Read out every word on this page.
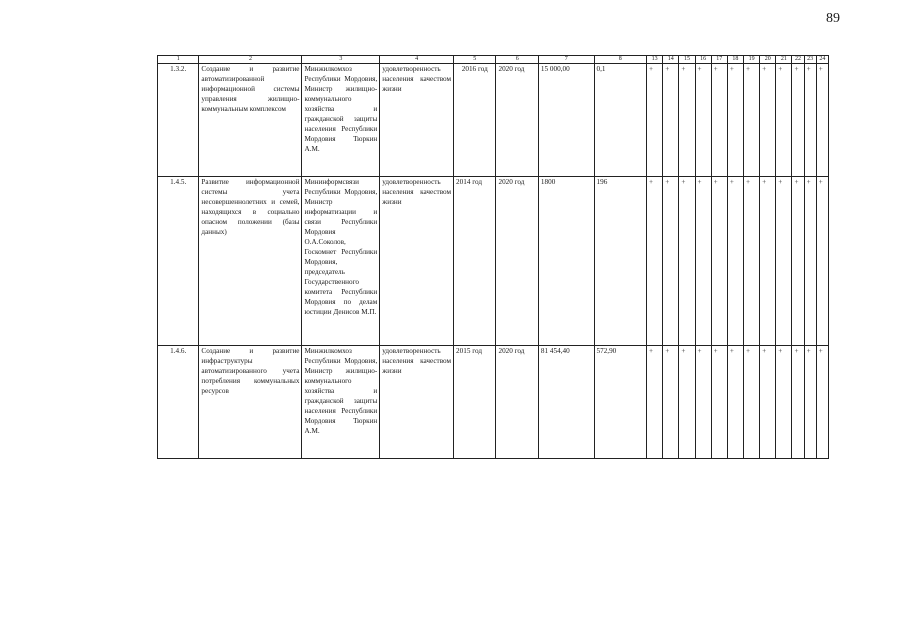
89
1	2	3	4	5	6	7	8	13	14	15	16	17	18	19	20	21	22	23	24
1.3.2.	Создание и развитие автоматизированной информационной системы управления жилищно-коммунальным комплексом	Минжилкомхоз Республики Мордовия, Министр жилищно-коммунального хозяйства и гражданской защиты населения Республики Мордовия Тюркин А.М.	удовлетворенность населения качеством жизни	2016 год	2020 год	15 000,00	0,1	+	+	+	+	+	+	+	+	+	+	+	+
1.4.5.	Развитие информационной системы учета несовершеннолетних и семей, находящихся в социально опасном положении (базы данных)	Мининформсвязи Республики Мордовия, Министр информатизации и связи Республики Мордовия О.А.Соколов, Госкомнет Республики Мордовия, председатель Государственного комитета Республики Мордовия по делам юстиции Денисов М.П.	удовлетворенность населения качеством жизни	2014 год	2020 год	1800	196	+	+	+	+	+	+	+	+	+	+	+	+
1.4.6.	Создание и развитие инфраструктуры автоматизированного учета потребления коммунальных ресурсов	Минжилкомхоз Республики Мордовия, Министр жилищно-коммунального хозяйства и гражданской защиты населения Республики Мордовия Тюркин А.М.	удовлетворенность населения качеством жизни	2015 год	2020 год	81 454,40	572,90	+	+	+	+	+	+	+	+	+	+	+	+
